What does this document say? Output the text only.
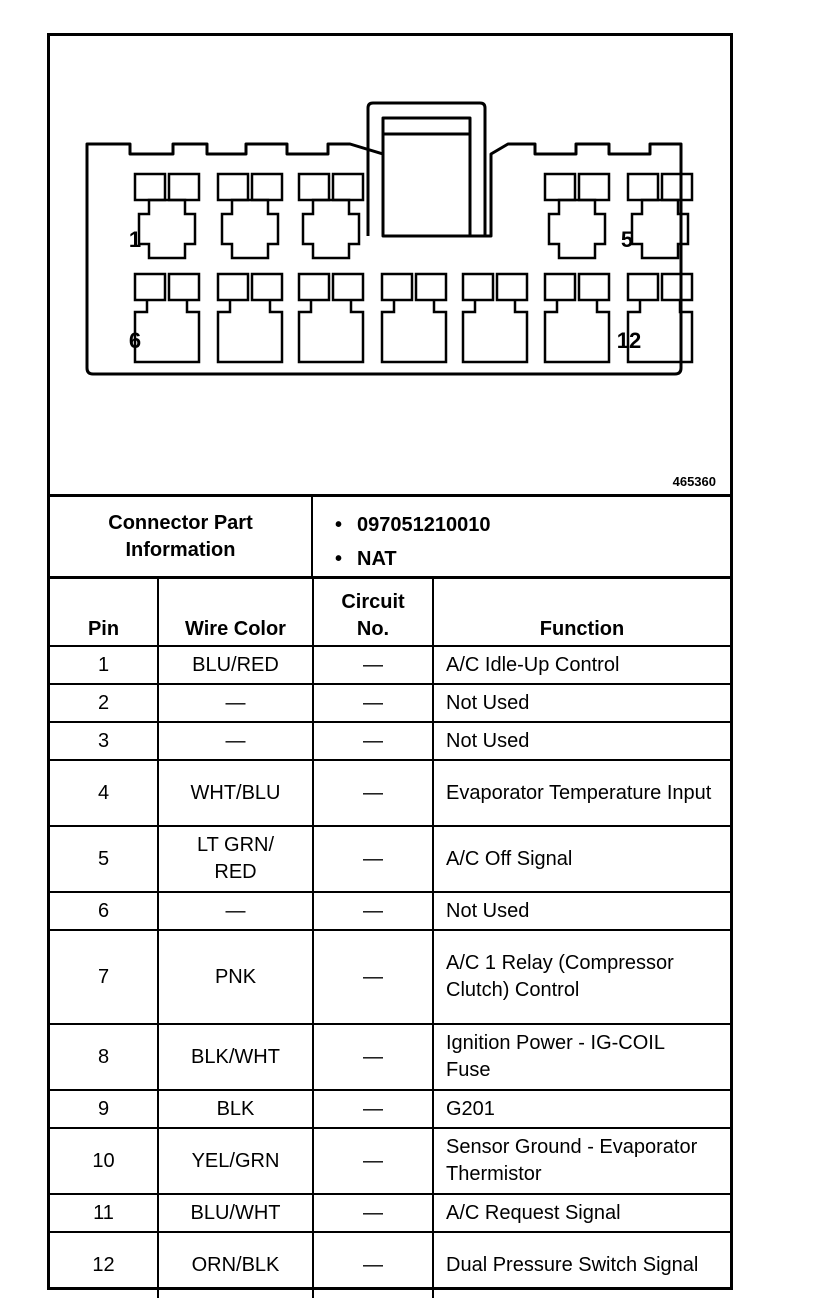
1	5
6	12
465360
Connector Part Information
• 097051210010
• NAT
Pin	Wire Color	Circuit No.	Function
1	BLU/RED	—	A/C Idle-Up Control
2	—	—	Not Used
3	—	—	Not Used
4	WHT/BLU	—	Evaporator Temperature Input
5	LT GRN/ RED	—	A/C Off Signal
6	—	—	Not Used
7	PNK	—	A/C 1 Relay (Compressor Clutch) Control
8	BLK/WHT	—	Ignition Power - IG-COIL Fuse
9	BLK	—	G201
10	YEL/GRN	—	Sensor Ground - Evaporator Thermistor
11	BLU/WHT	—	A/C Request Signal
12	ORN/BLK	—	Dual Pressure Switch Signal
